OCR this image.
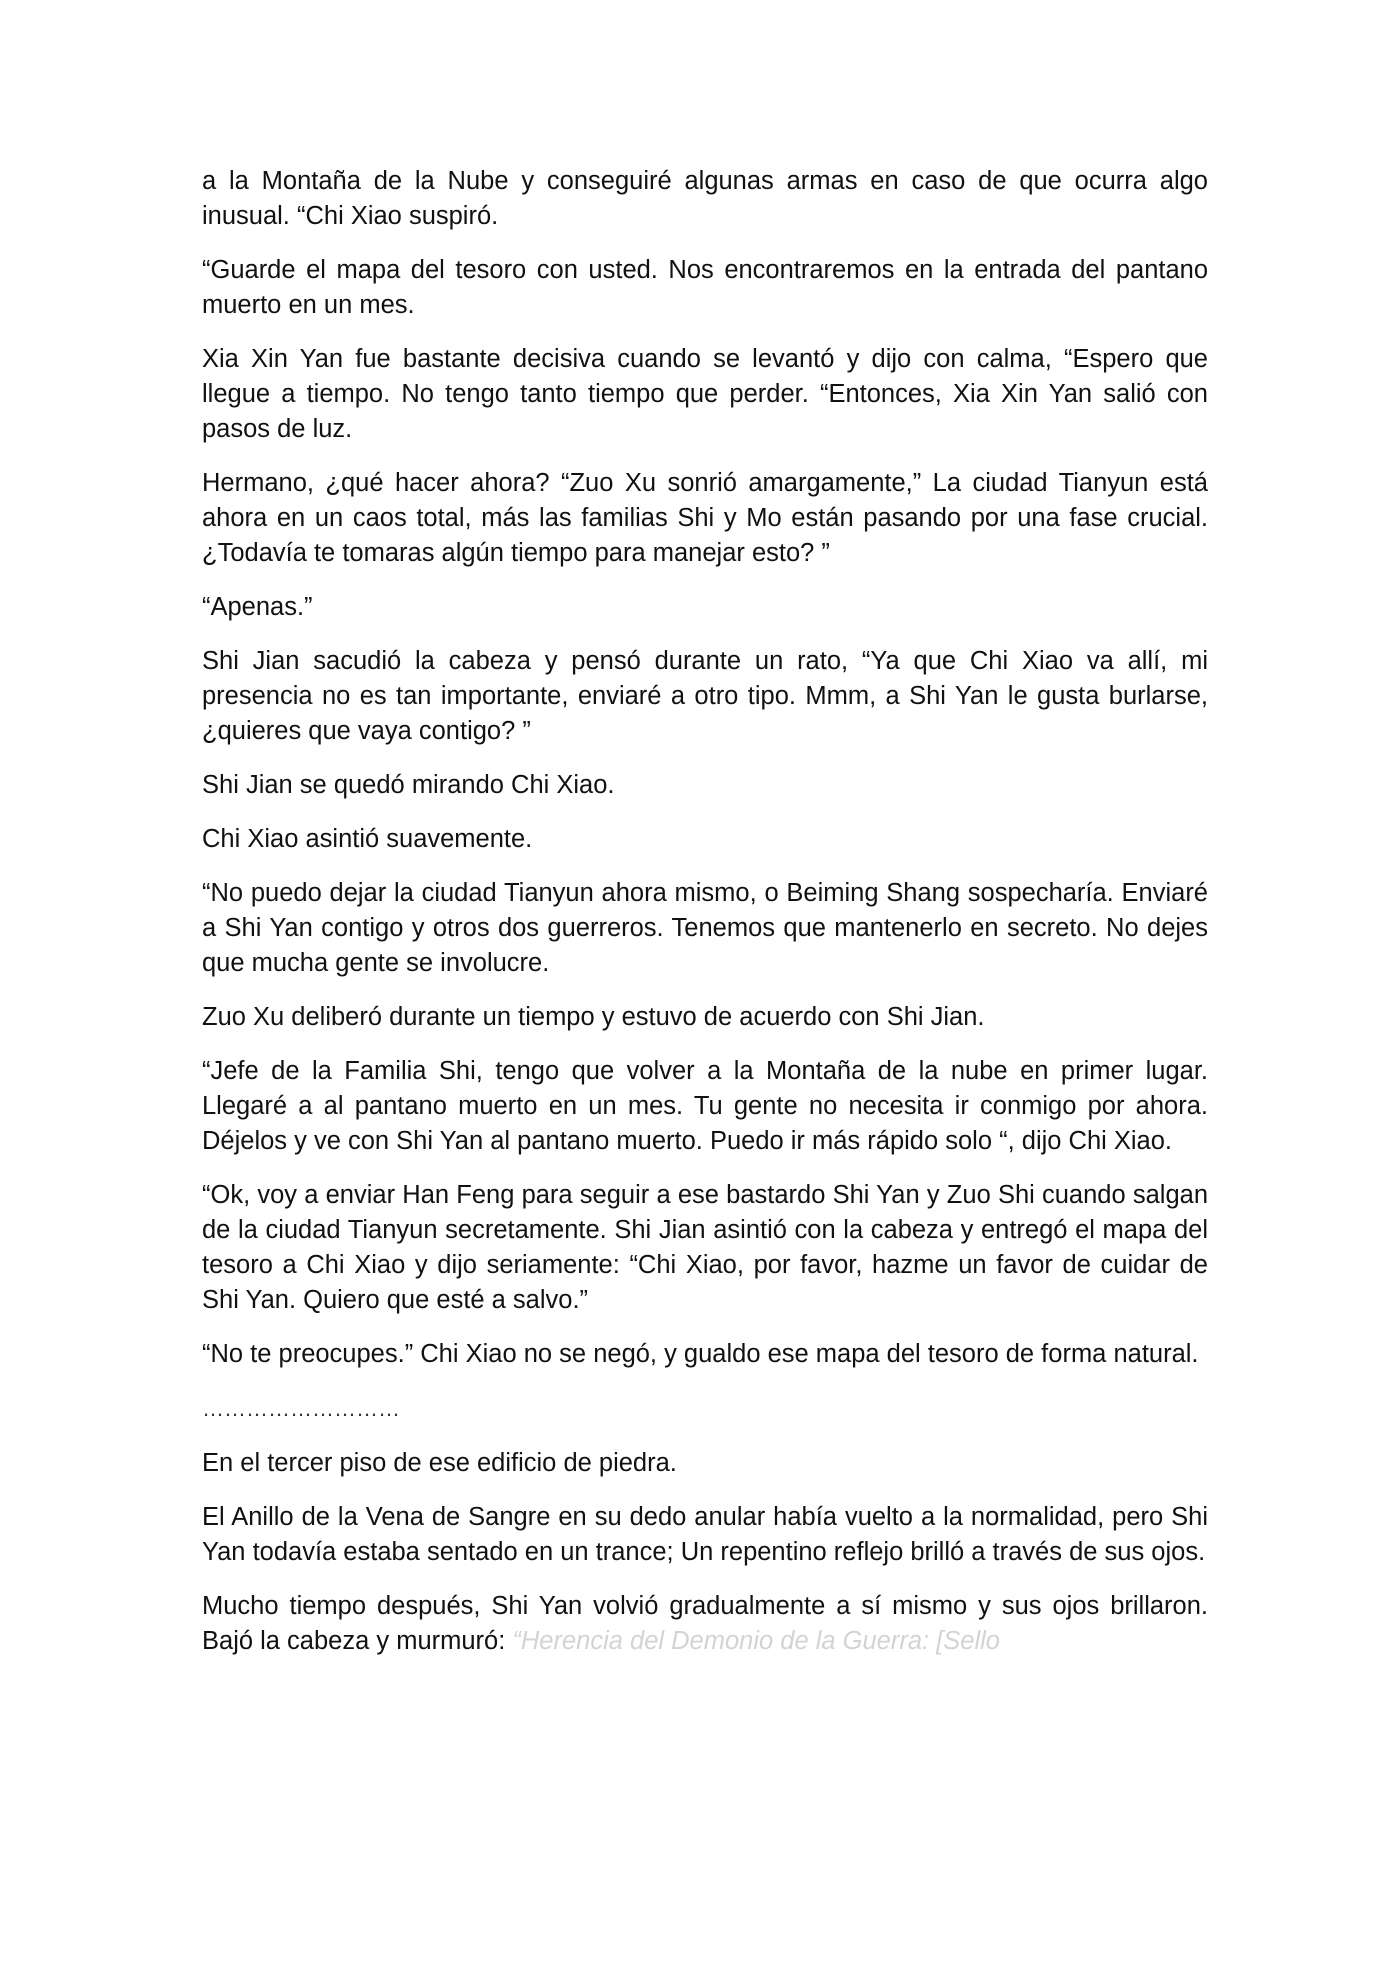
a la Montaña de la Nube y conseguiré algunas armas en caso de que ocurra algo inusual. “Chi Xiao suspiró.

“Guarde el mapa del tesoro con usted. Nos encontraremos en la entrada del pantano muerto en un mes.

Xia Xin Yan fue bastante decisiva cuando se levantó y dijo con calma, “Espero que llegue a tiempo. No tengo tanto tiempo que perder. “Entonces, Xia Xin Yan salió con pasos de luz.

Hermano, ¿qué hacer ahora? “Zuo Xu sonrió amargamente,” La ciudad Tianyun está ahora en un caos total, más las familias Shi y Mo están pasando por una fase crucial. ¿Todavía te tomaras algún tiempo para manejar esto? ”

“Apenas.”

Shi Jian sacudió la cabeza y pensó durante un rato, “Ya que Chi Xiao va allí, mi presencia no es tan importante, enviaré a otro tipo. Mmm, a Shi Yan le gusta burlarse, ¿quieres que vaya contigo? ”

Shi Jian se quedó mirando Chi Xiao.

Chi Xiao asintió suavemente.

“No puedo dejar la ciudad Tianyun ahora mismo, o Beiming Shang sospecharía. Enviaré a Shi Yan contigo y otros dos guerreros. Tenemos que mantenerlo en secreto. No dejes que mucha gente se involucre.

Zuo Xu deliberó durante un tiempo y estuvo de acuerdo con Shi Jian.

“Jefe de la Familia Shi, tengo que volver a la Montaña de la nube en primer lugar. Llegaré a al pantano muerto en un mes. Tu gente no necesita ir conmigo por ahora. Déjelos y ve con Shi Yan al pantano muerto. Puedo ir más rápido solo “, dijo Chi Xiao.

“Ok, voy a enviar Han Feng para seguir a ese bastardo Shi Yan y Zuo Shi cuando salgan de la ciudad Tianyun secretamente. Shi Jian asintió con la cabeza y entregó el mapa del tesoro a Chi Xiao y dijo seriamente: “Chi Xiao, por favor, hazme un favor de cuidar de Shi Yan. Quiero que esté a salvo.”

“No te preocupes.” Chi Xiao no se negó, y gualdo ese mapa del tesoro de forma natural.

………………………

En el tercer piso de ese edificio de piedra.

El Anillo de la Vena de Sangre en su dedo anular había vuelto a la normalidad, pero Shi Yan todavía estaba sentado en un trance; Un repentino reflejo brilló a través de sus ojos.

Mucho tiempo después, Shi Yan volvió gradualmente a sí mismo y sus ojos brillaron. Bajó la cabeza y murmuró: “Herencia del Demonio de la Guerra: [Sello
